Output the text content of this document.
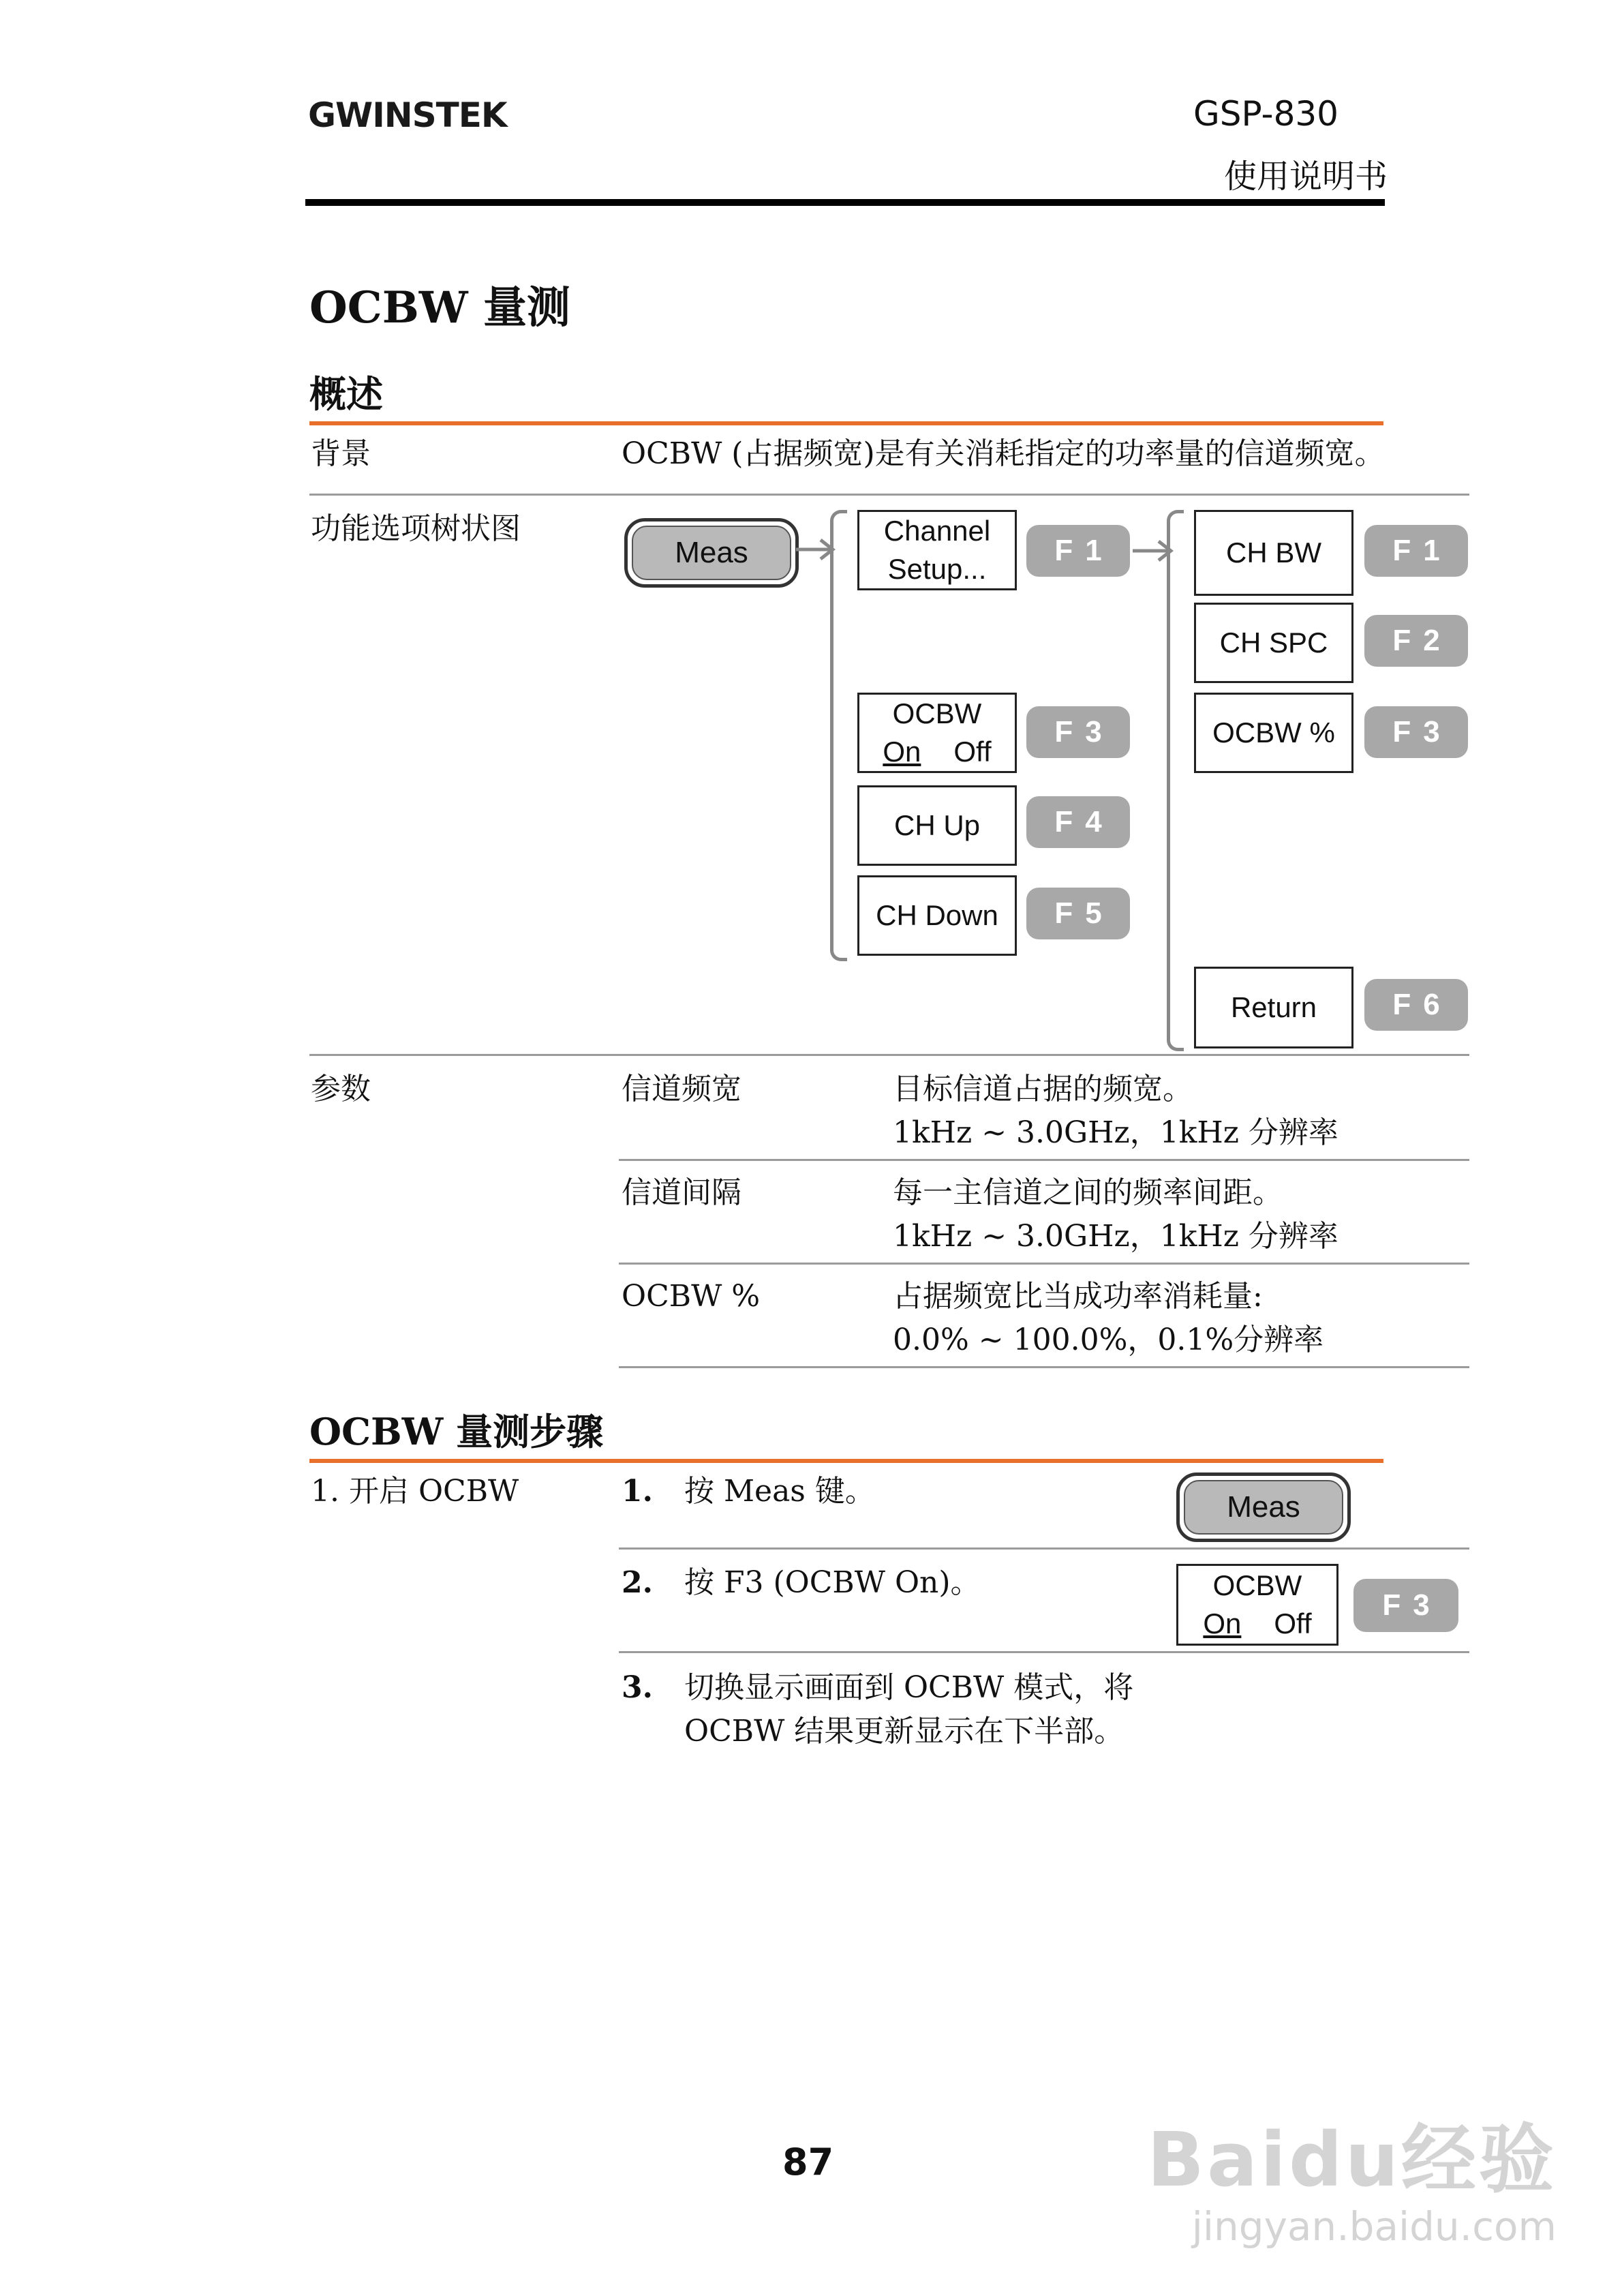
GWINSTEK	GSP-830
使用说明书
OCBW 量测
概述
背景	OCBW (占据频宽)是有关消耗指定的功率量的信道频宽。
功能选项树状图
Meas
Channel
Setup...
F1
OCBW
On Off
F3
CH Up	F4
CH Down	F5
CH BW	F1
CH SPC	F2
OCBW %	F3
Return	F6
参数	信道频宽	目标信道占据的频宽。
1kHz ~ 3.0GHz，1kHz 分辨率
信道间隔	每一主信道之间的频率间距。
1kHz ~ 3.0GHz，1kHz 分辨率
OCBW %	占据频宽比当成功率消耗量:
0.0% ~ 100.0%，0.1%分辨率
OCBW 量测步骤
1. 开启 OCBW	1. 按 Meas 键。	Meas
2. 按 F3 (OCBW On)。	OCBW
On Off
F3
3. 切换显示画面到 OCBW 模式，将
OCBW 结果更新显示在下半部。
87	Baidu经验
jingyan.baidu.com
